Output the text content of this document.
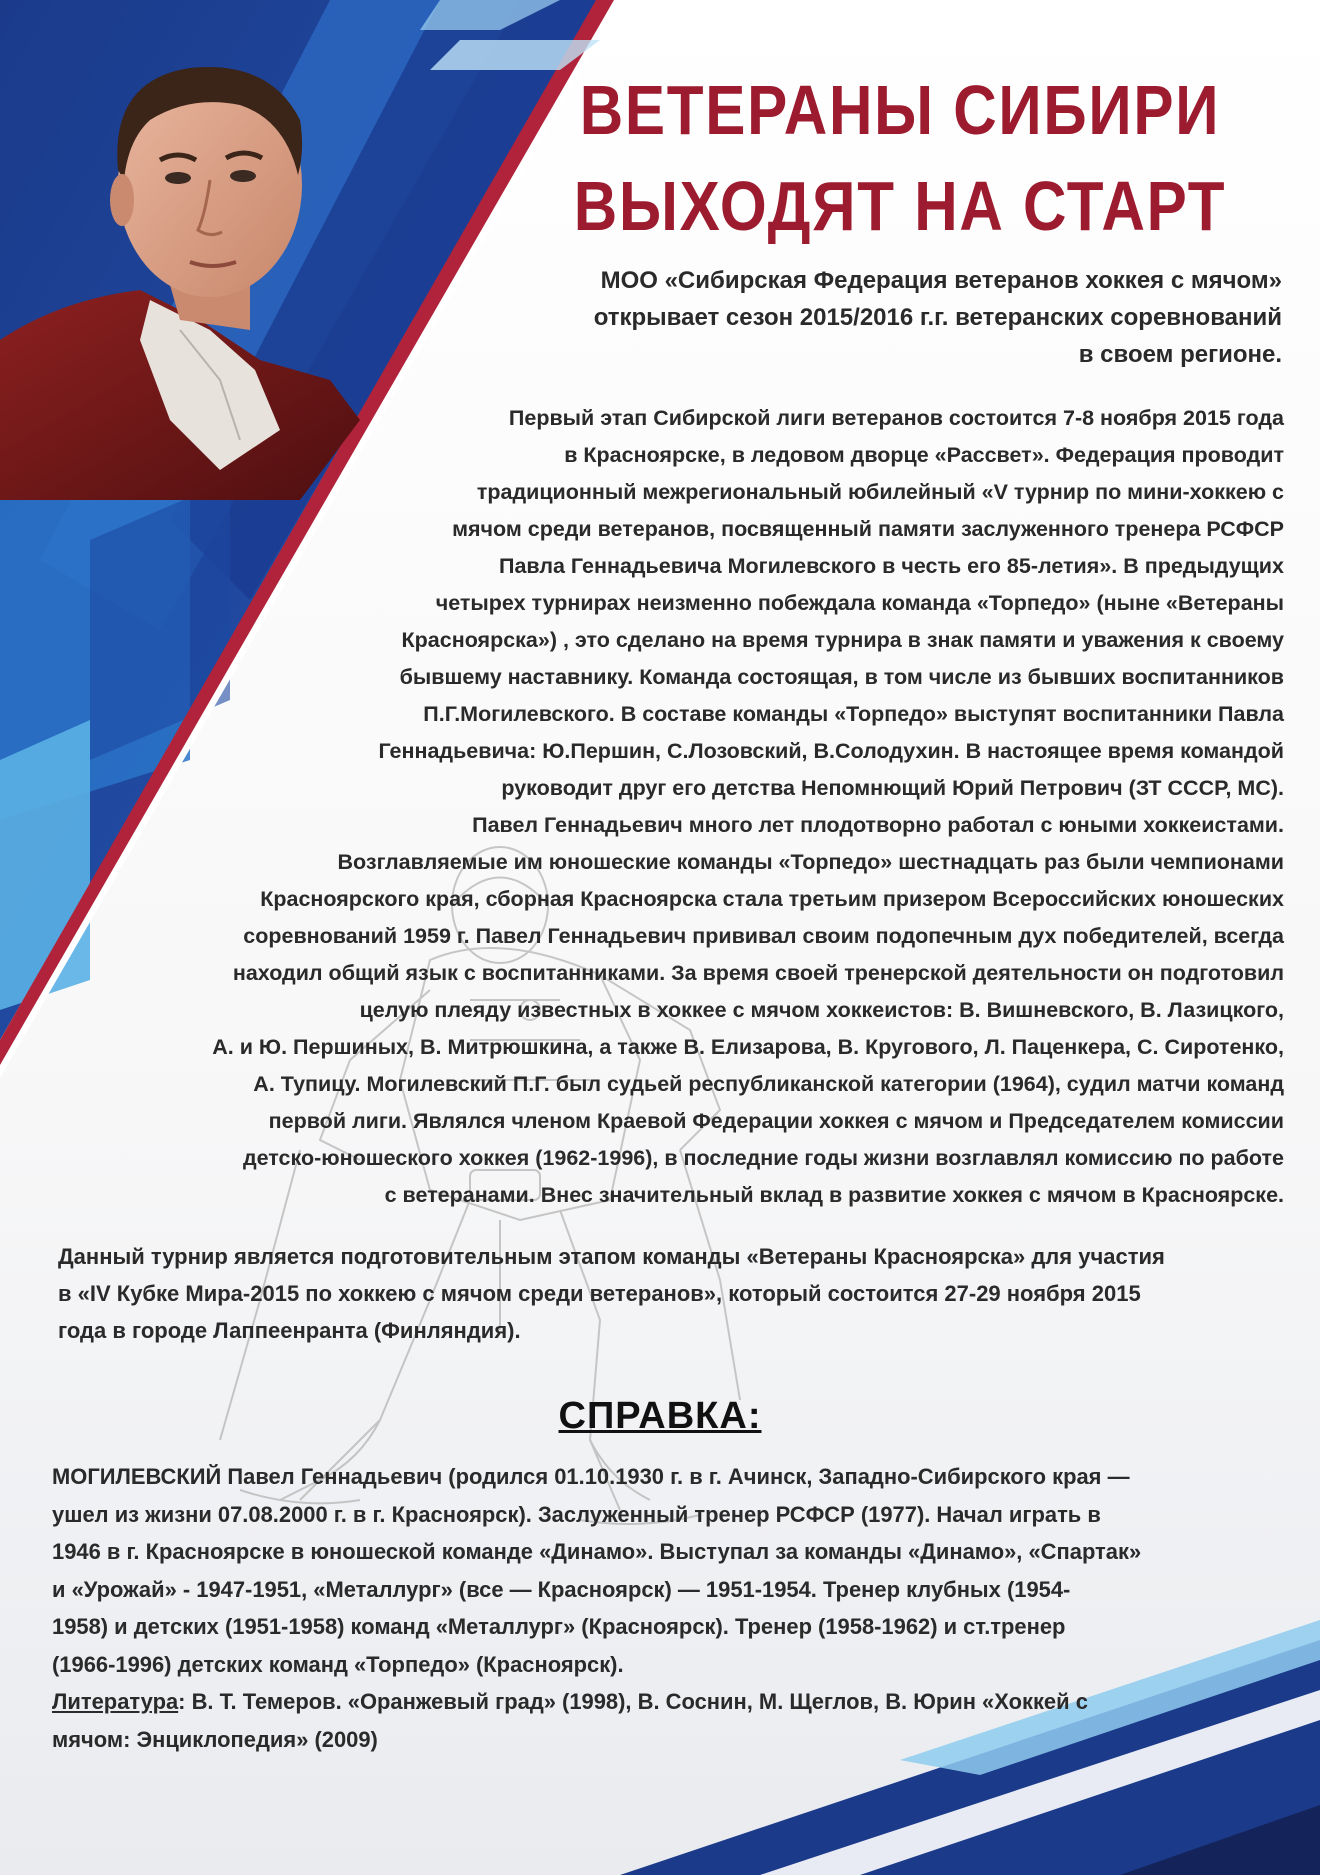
ВЕТЕРАНЫ СИБИРИ
ВЫХОДЯТ НА СТАРТ
МОО «Сибирская Федерация ветеранов хоккея с мячом»
открывает сезон 2015/2016 г.г. ветеранских соревнований
в своем регионе.
Первый этап Сибирской лиги ветеранов состоится 7-8 ноября 2015 года
в Красноярске, в ледовом дворце «Рассвет». Федерация проводит
традиционный межрегиональный юбилейный «V турнир по мини-хоккею с
мячом среди ветеранов, посвященный памяти заслуженного тренера РСФСР
Павла Геннадьевича Могилевского в честь его 85-летия». В предыдущих
четырех турнирах неизменно побеждала команда «Торпедо» (ныне «Ветераны
Красноярска») , это сделано на время турнира в знак памяти и уважения к своему
бывшему наставнику. Команда состоящая, в том числе из бывших воспитанников
П.Г.Могилевского. В составе команды «Торпедо» выступят воспитанники Павла
Геннадьевича: Ю.Першин, С.Лозовский, В.Солодухин. В настоящее время командой
руководит друг его детства Непомнющий Юрий Петрович (ЗТ СССР, МС).
Павел Геннадьевич много лет плодотворно работал с юными хоккеистами.
Возглавляемые им юношеские команды «Торпедо» шестнадцать раз были чемпионами
Красноярского края, сборная Красноярска стала третьим призером Всероссийских юношеских
соревнований 1959 г. Павел Геннадьевич прививал своим подопечным дух победителей, всегда
находил общий язык с воспитанниками. За время своей тренерской деятельности он подготовил
целую плеяду известных в хоккее с мячом хоккеистов: В. Вишневского, В. Лазицкого,
А. и Ю. Першиных, В. Митрюшкина, а также В. Елизарова, В. Кругового, Л. Паценкера, С. Сиротенко,
А. Тупицу. Могилевский П.Г. был судьей республиканской категории (1964), судил матчи команд
первой лиги. Являлся членом Краевой Федерации хоккея с мячом и Председателем комиссии
детско-юношеского хоккея (1962-1996), в последние годы жизни возглавлял комиссию по работе
с ветеранами. Внес значительный вклад в развитие хоккея с мячом в Красноярске.
Данный турнир является подготовительным этапом команды «Ветераны Красноярска» для участия
в «IV Кубке Мира-2015 по хоккею с мячом среди ветеранов», который состоится 27-29 ноября 2015
года в городе Лаппеенранта (Финляндия).
СПРАВКА:
МОГИЛЕВСКИЙ Павел Геннадьевич (родился 01.10.1930 г. в г. Ачинск, Западно-Сибирского края —
ушел из жизни 07.08.2000 г. в г. Красноярск). Заслуженный тренер РСФСР (1977). Начал играть в
1946 в г. Красноярске в юношеской команде «Динамо». Выступал за команды «Динамо», «Спартак»
и «Урожай» - 1947-1951, «Металлург» (все — Красноярск) — 1951-1954. Тренер клубных (1954-
1958) и детских (1951-1958) команд «Металлург» (Красноярск). Тренер (1958-1962) и ст.тренер
(1966-1996) детских команд «Торпедо» (Красноярск).
Литература: В. Т. Темеров. «Оранжевый град» (1998), В. Соснин, М. Щеглов, В. Юрин «Хоккей с
мячом: Энциклопедия» (2009)
